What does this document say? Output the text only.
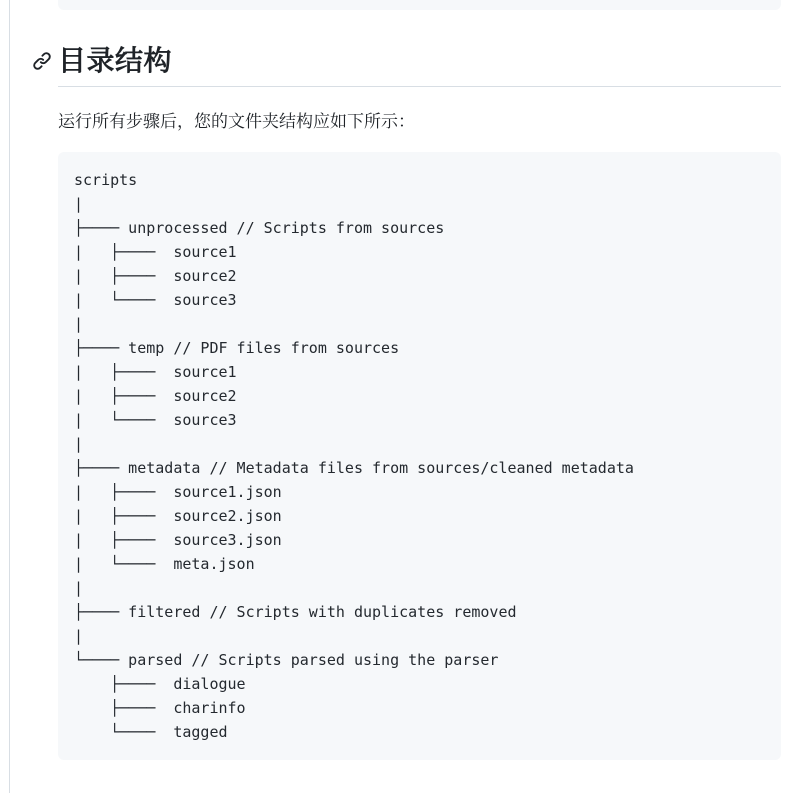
目录结构

运行所有步骤后，您的文件夹结构应如下所示：

scripts
|
├──── unprocessed // Scripts from sources
|   ├────  source1
|   ├────  source2
|   └────  source3
|
├──── temp // PDF files from sources
|   ├────  source1
|   ├────  source2
|   └────  source3
|
├──── metadata // Metadata files from sources/cleaned metadata
|   ├────  source1.json
|   ├────  source2.json
|   ├────  source3.json
|   └────  meta.json
|
├──── filtered // Scripts with duplicates removed
|
└──── parsed // Scripts parsed using the parser
├────  dialogue
├────  charinfo
└────  tagged
